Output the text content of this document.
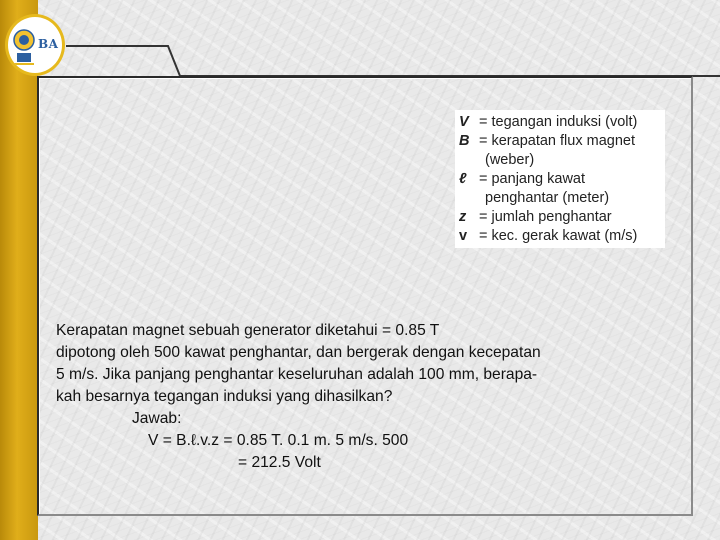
BA
V = tegangan induksi (volt)
B = kerapatan flux magnet
(weber)
ℓ = panjang kawat
penghantar (meter)
z = jumlah penghantar
v = kec. gerak kawat (m/s)

Kerapatan magnet sebuah generator diketahui = 0.85 T

dipotong oleh 500 kawat penghantar, dan bergerak dengan kecepatan

5 m/s. Jika panjang penghantar keseluruhan adalah 100 mm, berapa-

kah besarnya tegangan induksi yang dihasilkan?

Jawab:

V = B.ℓ.v.z = 0.85 T. 0.1 m. 5 m/s. 500

= 212.5 Volt
